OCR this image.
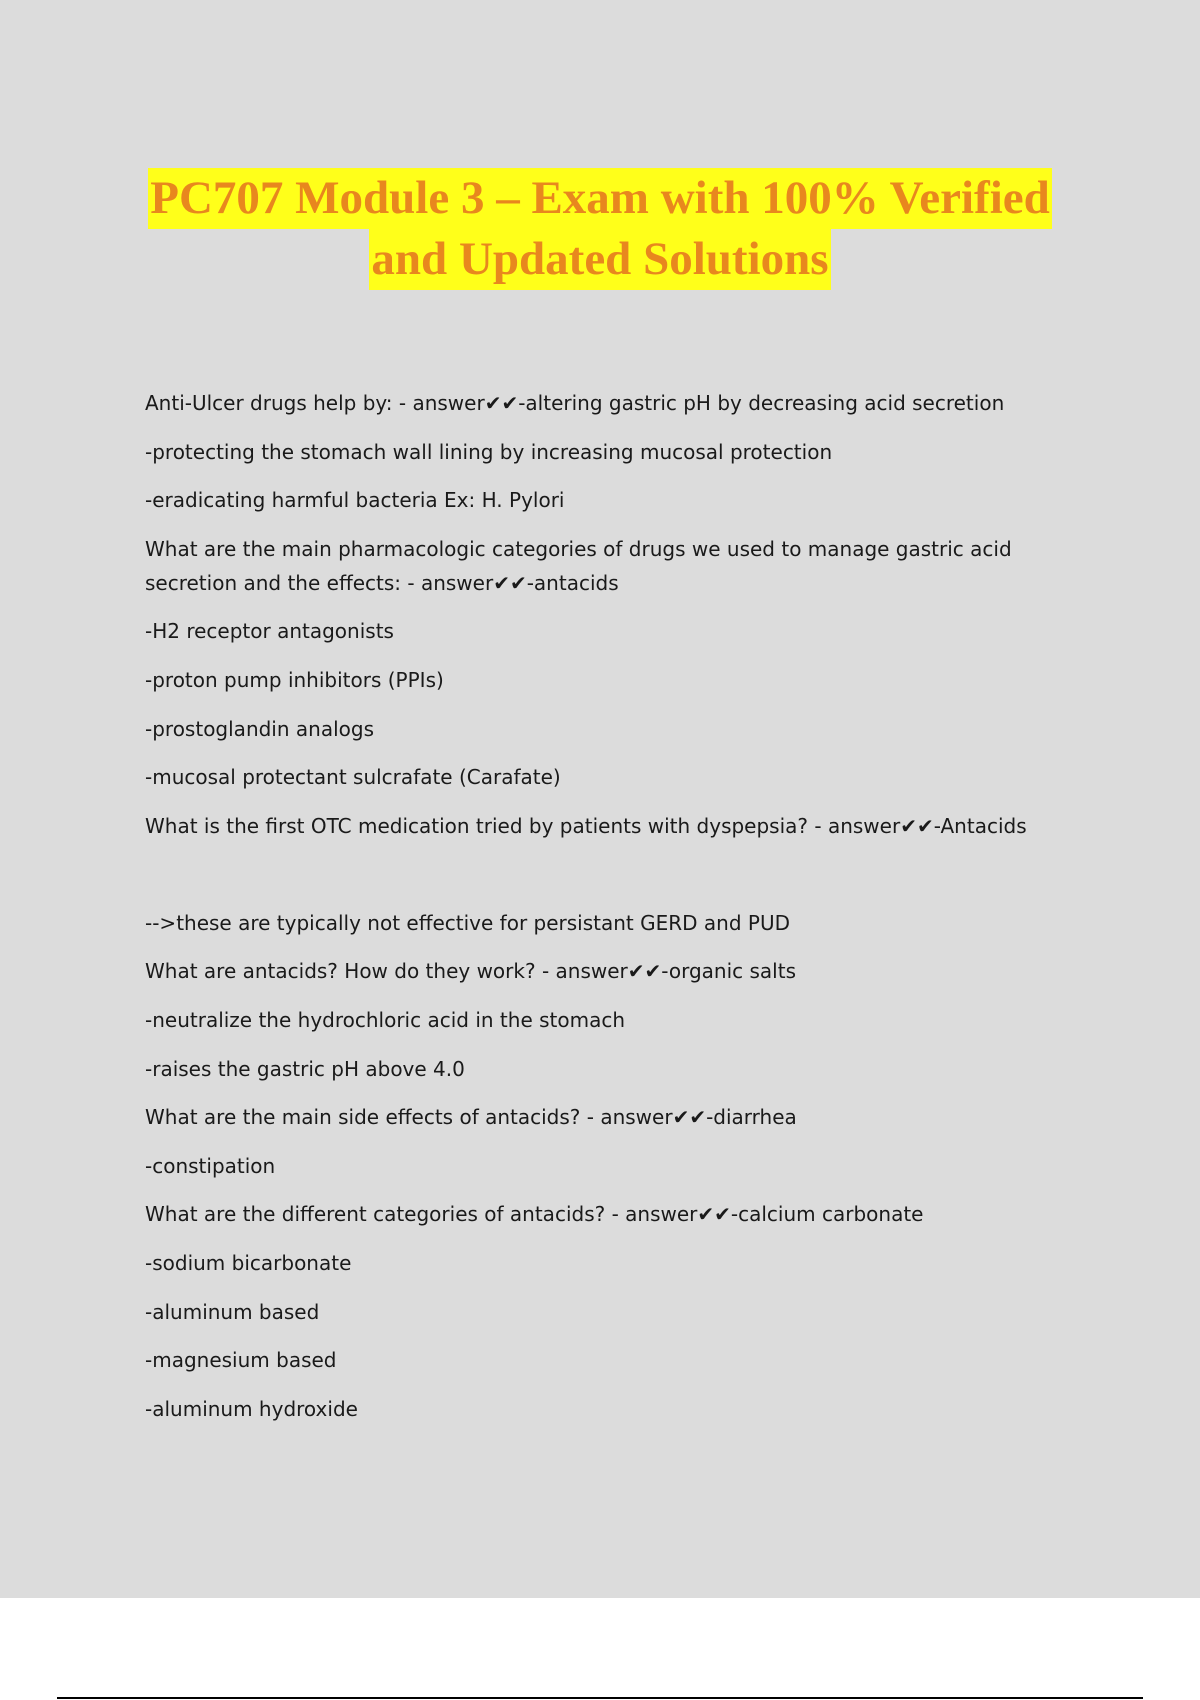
PC707 Module 3 – Exam with 100% Verified
and Updated Solutions

Anti-Ulcer drugs help by: - answer✔✔-altering gastric pH by decreasing acid secretion

-protecting the stomach wall lining by increasing mucosal protection

-eradicating harmful bacteria Ex: H. Pylori

What are the main pharmacologic categories of drugs we used to manage gastric acid secretion and the effects: - answer✔✔-antacids

-H2 receptor antagonists

-proton pump inhibitors (PPIs)

-prostoglandin analogs

-mucosal protectant sulcrafate (Carafate)

What is the first OTC medication tried by patients with dyspepsia? - answer✔✔-Antacids

-->these are typically not effective for persistant GERD and PUD

What are antacids? How do they work? - answer✔✔-organic salts

-neutralize the hydrochloric acid in the stomach

-raises the gastric pH above 4.0

What are the main side effects of antacids? - answer✔✔-diarrhea

-constipation

What are the different categories of antacids? - answer✔✔-calcium carbonate

-sodium bicarbonate

-aluminum based

-magnesium based

-aluminum hydroxide
